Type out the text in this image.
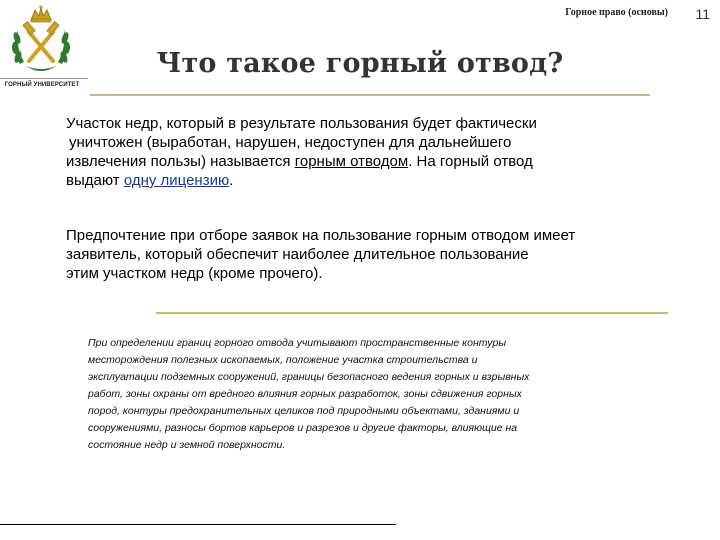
ГОРНЫЙ УНИВЕРСИТЕТ
Горное право (основы) 11
Что такое горный отвод?
Участок недр, который в результате пользования будет фактически
уничтожен (выработан, нарушен, недоступен для дальнейшего
извлечения пользы) называется горным отводом. На горный отвод
выдают одну лицензию.
Предпочтение при отборе заявок на пользование горным отводом имеет
заявитель, который обеспечит наиболее длительное пользование
этим участком недр (кроме прочего).
При определении границ горного отвода учитывают пространственные контуры
месторождения полезных ископаемых, положение участка строительства и
эксплуатации подземных сооружений, границы безопасного ведения горных и взрывных
работ, зоны охраны от вредного влияния горных разработок, зоны сдвижения горных
пород, контуры предохранительных целиков под природными объектами, зданиями и
сооружениями, разносы бортов карьеров и разрезов и другие факторы, влияющие на
состояние недр и земной поверхности.
